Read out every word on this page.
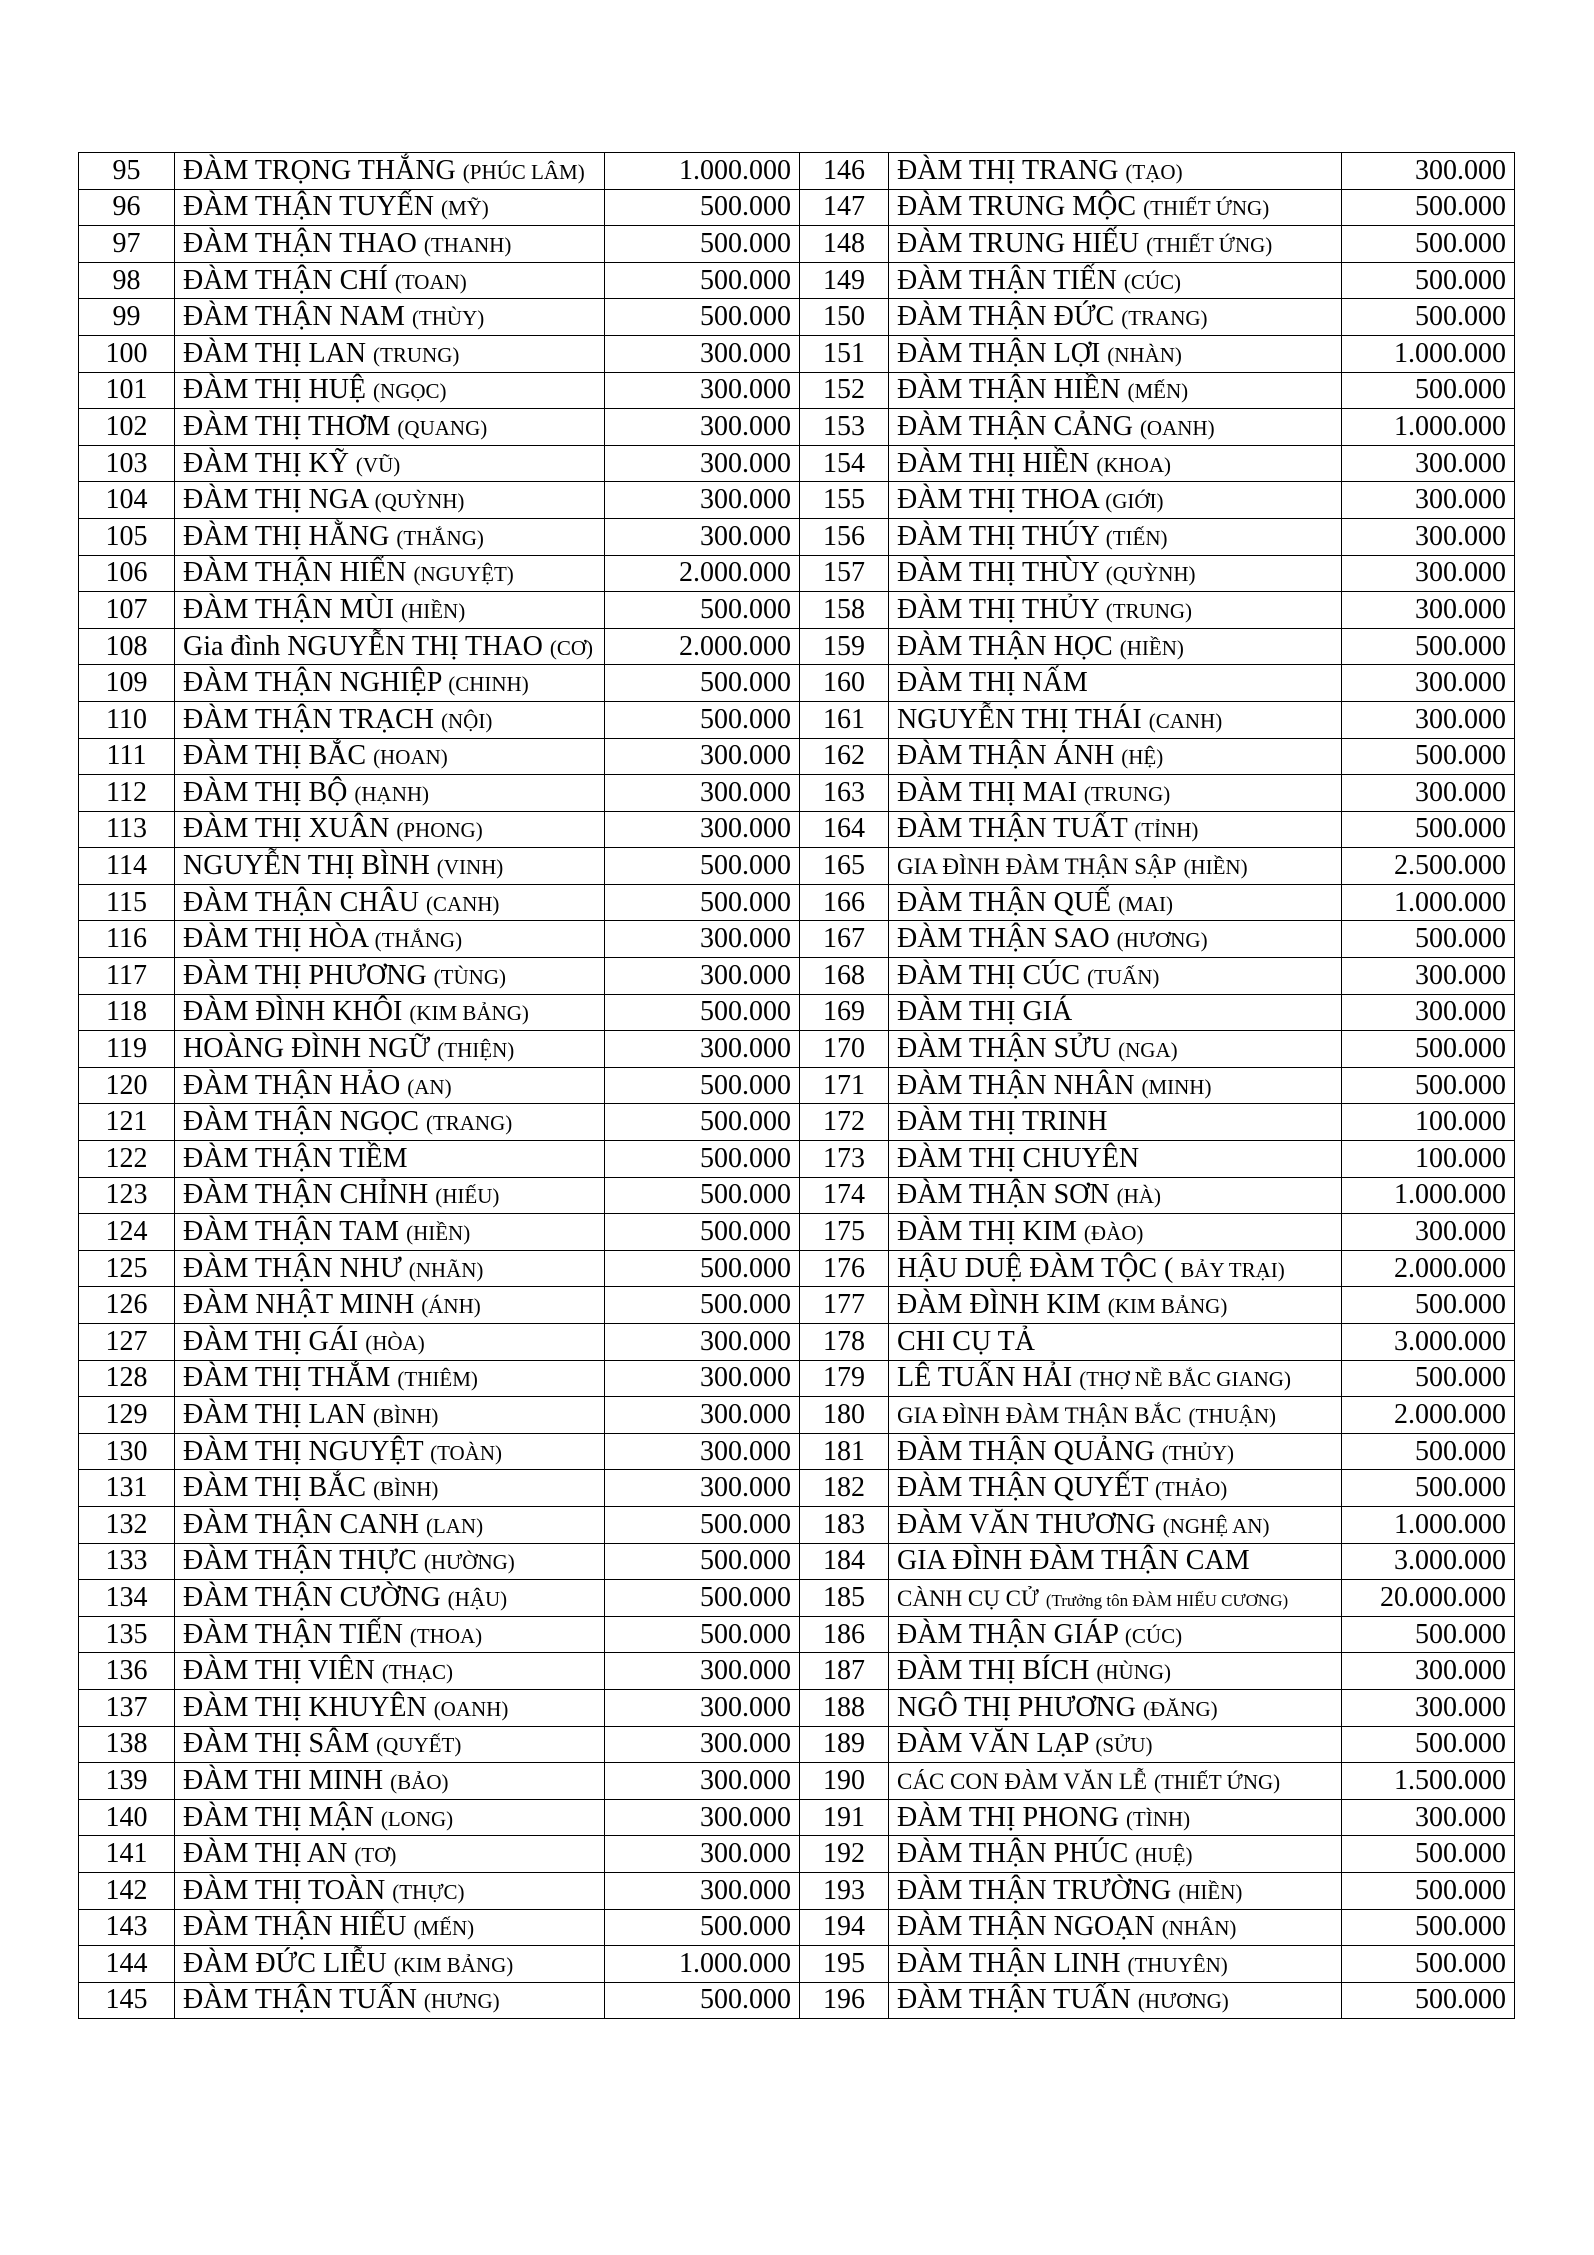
95	ĐÀM TRỌNG THẮNG (PHÚC LÂM)	1.000.000	146	ĐÀM THỊ TRANG (TẠO)	300.000
96	ĐÀM THẬN TUYẾN (MỸ)	500.000	147	ĐÀM TRUNG MỘC (THIẾT ỨNG)	500.000
97	ĐÀM THẬN THAO (THANH)	500.000	148	ĐÀM TRUNG HIẾU (THIẾT ỨNG)	500.000
98	ĐÀM THẬN CHÍ (TOAN)	500.000	149	ĐÀM THẬN TIẾN (CÚC)	500.000
99	ĐÀM THẬN NAM (THÙY)	500.000	150	ĐÀM THẬN ĐỨC (TRANG)	500.000
100	ĐÀM THỊ LAN (TRUNG)	300.000	151	ĐÀM THẬN LỢI (NHÀN)	1.000.000
101	ĐÀM THỊ HUỆ (NGỌC)	300.000	152	ĐÀM THẬN HIỀN (MẾN)	500.000
102	ĐÀM THỊ THƠM (QUANG)	300.000	153	ĐÀM THẬN CẢNG (OANH)	1.000.000
103	ĐÀM THỊ KỸ (VŨ)	300.000	154	ĐÀM THỊ HIỀN (KHOA)	300.000
104	ĐÀM THỊ NGA (QUỲNH)	300.000	155	ĐÀM THỊ THOA (GIỚI)	300.000
105	ĐÀM THỊ HẰNG (THẮNG)	300.000	156	ĐÀM THỊ THÚY (TIẾN)	300.000
106	ĐÀM THẬN HIỂN (NGUYỆT)	2.000.000	157	ĐÀM THỊ THÙY (QUỲNH)	300.000
107	ĐÀM THẬN MÙI (HIỀN)	500.000	158	ĐÀM THỊ THỦY (TRUNG)	300.000
108	Gia đình NGUYỄN THỊ THAO (CƠ)	2.000.000	159	ĐÀM THẬN HỌC (HIỀN)	500.000
109	ĐÀM THẬN NGHIỆP (CHINH)	500.000	160	ĐÀM THỊ NẤM	300.000
110	ĐÀM THẬN TRẠCH (NỘI)	500.000	161	NGUYỄN THỊ THÁI (CANH)	300.000
111	ĐÀM THỊ BẮC (HOAN)	300.000	162	ĐÀM THẬN ÁNH (HỆ)	500.000
112	ĐÀM THỊ BỘ (HẠNH)	300.000	163	ĐÀM THỊ MAI (TRUNG)	300.000
113	ĐÀM THỊ XUÂN (PHONG)	300.000	164	ĐÀM THẬN TUẤT (TỈNH)	500.000
114	NGUYỄN THỊ BÌNH (VINH)	500.000	165	GIA ĐÌNH ĐÀM THẬN SẬP (HIỀN)	2.500.000
115	ĐÀM THẬN CHÂU (CANH)	500.000	166	ĐÀM THẬN QUẾ (MAI)	1.000.000
116	ĐÀM THỊ HÒA (THẮNG)	300.000	167	ĐÀM THẬN SAO (HƯƠNG)	500.000
117	ĐÀM THỊ PHƯƠNG (TÙNG)	300.000	168	ĐÀM THỊ CÚC (TUẤN)	300.000
118	ĐÀM ĐÌNH KHÔI (KIM BẢNG)	500.000	169	ĐÀM THỊ GIÁ	300.000
119	HOÀNG ĐÌNH NGỮ (THIỆN)	300.000	170	ĐÀM THẬN SỬU (NGA)	500.000
120	ĐÀM THẬN HẢO (AN)	500.000	171	ĐÀM THẬN NHÂN (MINH)	500.000
121	ĐÀM THẬN NGỌC (TRANG)	500.000	172	ĐÀM THỊ TRINH	100.000
122	ĐÀM THẬN TIỀM	500.000	173	ĐÀM THỊ CHUYÊN	100.000
123	ĐÀM THẬN CHỈNH (HIẾU)	500.000	174	ĐÀM THẬN SƠN (HÀ)	1.000.000
124	ĐÀM THẬN TAM (HIỀN)	500.000	175	ĐÀM THỊ KIM (ĐÀO)	300.000
125	ĐÀM THẬN NHƯ (NHÃN)	500.000	176	HẬU DUỆ ĐÀM TỘC ( BẢY TRẠI)	2.000.000
126	ĐÀM NHẬT MINH (ÁNH)	500.000	177	ĐÀM ĐÌNH KIM (KIM BẢNG)	500.000
127	ĐÀM THỊ GÁI (HÒA)	300.000	178	CHI CỤ TẢ	3.000.000
128	ĐÀM THỊ THẮM (THIÊM)	300.000	179	LÊ TUẤN HẢI (THỢ NỀ BẮC GIANG)	500.000
129	ĐÀM THỊ LAN (BÌNH)	300.000	180	GIA ĐÌNH ĐÀM THẬN BẮC (THUẬN)	2.000.000
130	ĐÀM THỊ NGUYỆT (TOÀN)	300.000	181	ĐÀM THẬN QUẢNG (THỦY)	500.000
131	ĐÀM THỊ BẮC (BÌNH)	300.000	182	ĐÀM THẬN QUYẾT (THẢO)	500.000
132	ĐÀM THẬN CANH (LAN)	500.000	183	ĐÀM VĂN THƯƠNG (NGHỆ AN)	1.000.000
133	ĐÀM THẬN THỰC (HƯỜNG)	500.000	184	GIA ĐÌNH ĐÀM THẬN CAM	3.000.000
134	ĐÀM THẬN CƯỜNG (HẬU)	500.000	185	CÀNH CỤ CỬ (Trưởng tôn ĐÀM HIẾU CƯƠNG)	20.000.000
135	ĐÀM THẬN TIẾN (THOA)	500.000	186	ĐÀM THẬN GIÁP (CÚC)	500.000
136	ĐÀM THỊ VIÊN (THẠC)	300.000	187	ĐÀM THỊ BÍCH (HÙNG)	300.000
137	ĐÀM THỊ KHUYÊN (OANH)	300.000	188	NGÔ THỊ PHƯƠNG (ĐĂNG)	300.000
138	ĐÀM THỊ SÂM (QUYẾT)	300.000	189	ĐÀM VĂN LẠP (SỬU)	500.000
139	ĐÀM THI MINH (BẢO)	300.000	190	CÁC CON ĐÀM VĂN LỄ (THIẾT ỨNG)	1.500.000
140	ĐÀM THỊ MẬN (LONG)	300.000	191	ĐÀM THỊ PHONG (TÌNH)	300.000
141	ĐÀM THỊ AN (TƠ)	300.000	192	ĐÀM THẬN PHÚC (HUỆ)	500.000
142	ĐÀM THỊ TOÀN (THỰC)	300.000	193	ĐÀM THẬN TRƯỜNG (HIỀN)	500.000
143	ĐÀM THẬN HIẾU (MẾN)	500.000	194	ĐÀM THẬN NGOẠN (NHÂN)	500.000
144	ĐÀM ĐỨC LIỄU (KIM BẢNG)	1.000.000	195	ĐÀM THẬN LINH (THUYÊN)	500.000
145	ĐÀM THẬN TUẤN (HƯNG)	500.000	196	ĐÀM THẬN TUẤN (HƯƠNG)	500.000
